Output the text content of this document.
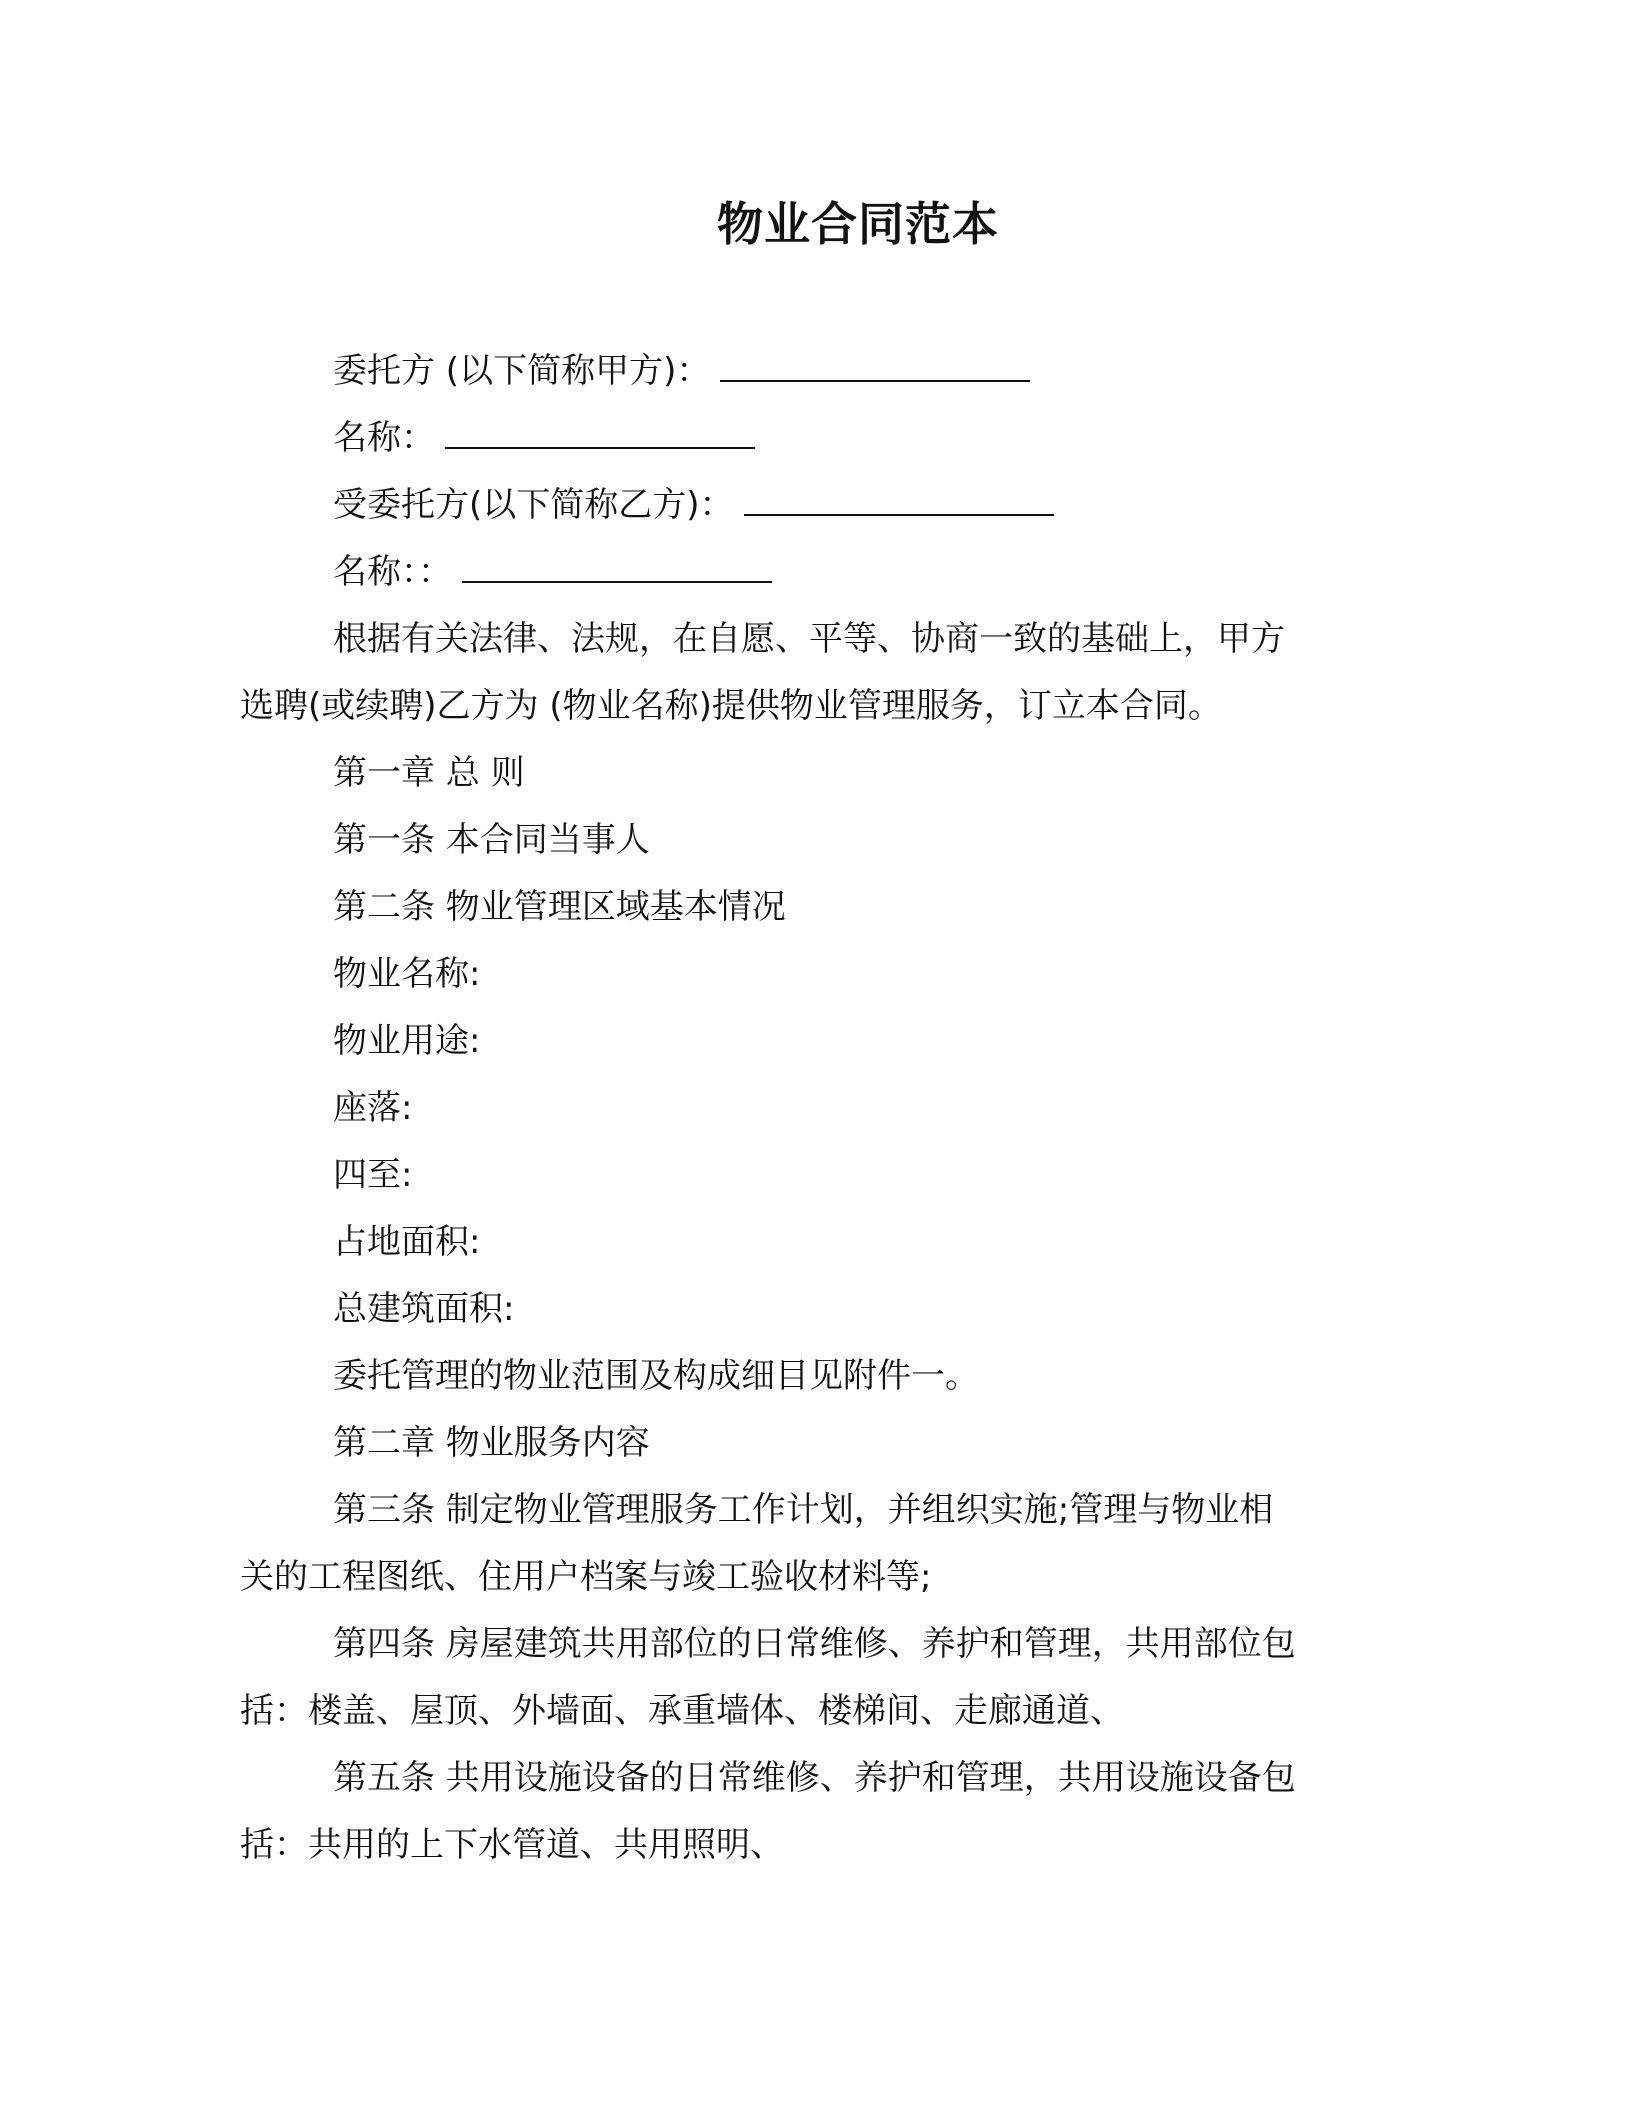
物业合同范本
委托方 (以下简称甲方)：
名称：
受委托方(以下简称乙方)：
名称：：
根据有关法律、法规，在自愿、平等、协商一致的基础上，甲方
选聘(或续聘)乙方为 (物业名称)提供物业管理服务，订立本合同。
第一章 总 则
第一条 本合同当事人
第二条 物业管理区域基本情况
物业名称:
物业用途:
座落:
四至:
占地面积:
总建筑面积:
委托管理的物业范围及构成细目见附件一。
第二章 物业服务内容
第三条 制定物业管理服务工作计划，并组织实施;管理与物业相
关的工程图纸、住用户档案与竣工验收材料等;
第四条 房屋建筑共用部位的日常维修、养护和管理，共用部位包
括：楼盖、屋顶、外墙面、承重墙体、楼梯间、走廊通道、
第五条 共用设施设备的日常维修、养护和管理，共用设施设备包
括：共用的上下水管道、共用照明、
